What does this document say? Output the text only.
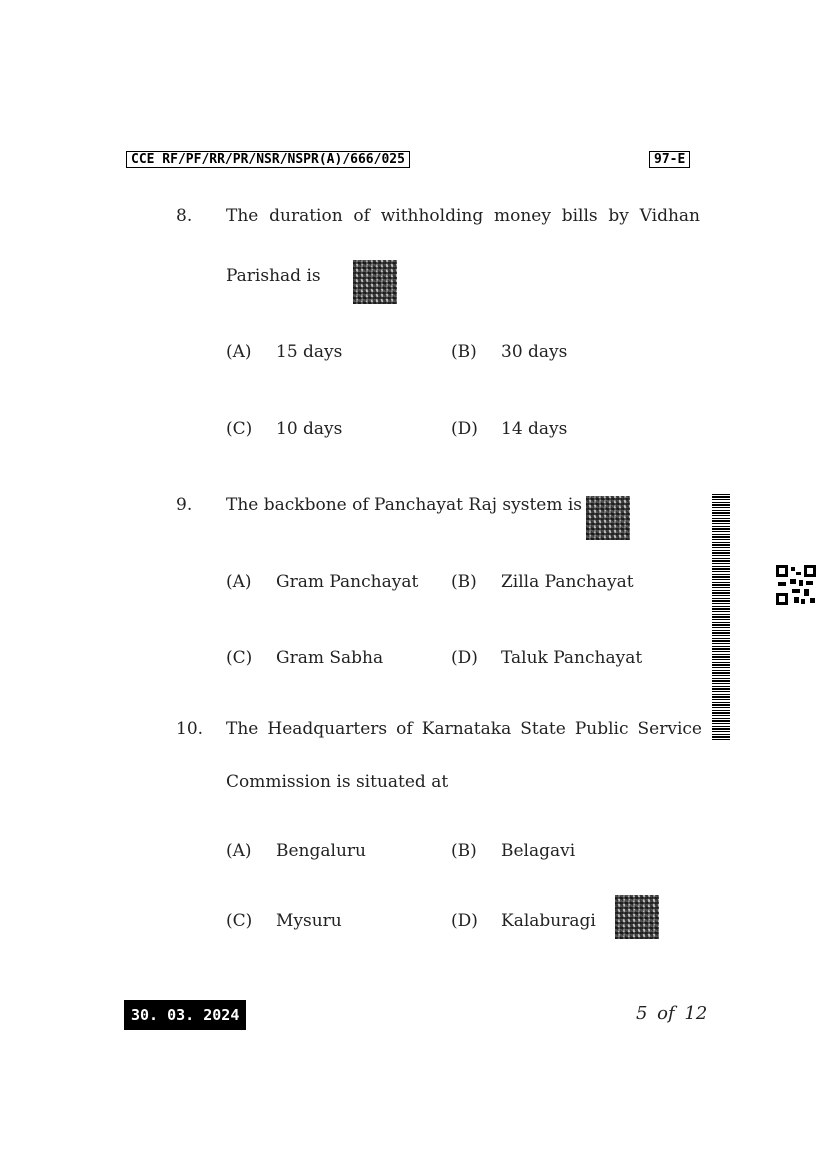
CCE RF/PF/RR/PR/NSR/NSPR(A)/666/025	97-E
8. The duration of withholding money bills by Vidhan
Parishad is
(A) 15 days	(B) 30 days
(C) 10 days	(D) 14 days
9. The backbone of Panchayat Raj system is
(A) Gram Panchayat (B) Zilla Panchayat
(C) Gram Sabha	(D) Taluk Panchayat
10. The Headquarters of Karnataka State Public Service
Commission is situated at
(A) Bengaluru	(B) Belagavi
(C) Mysuru	(D) Kalaburagi
30. 03. 2024	5 of 12
